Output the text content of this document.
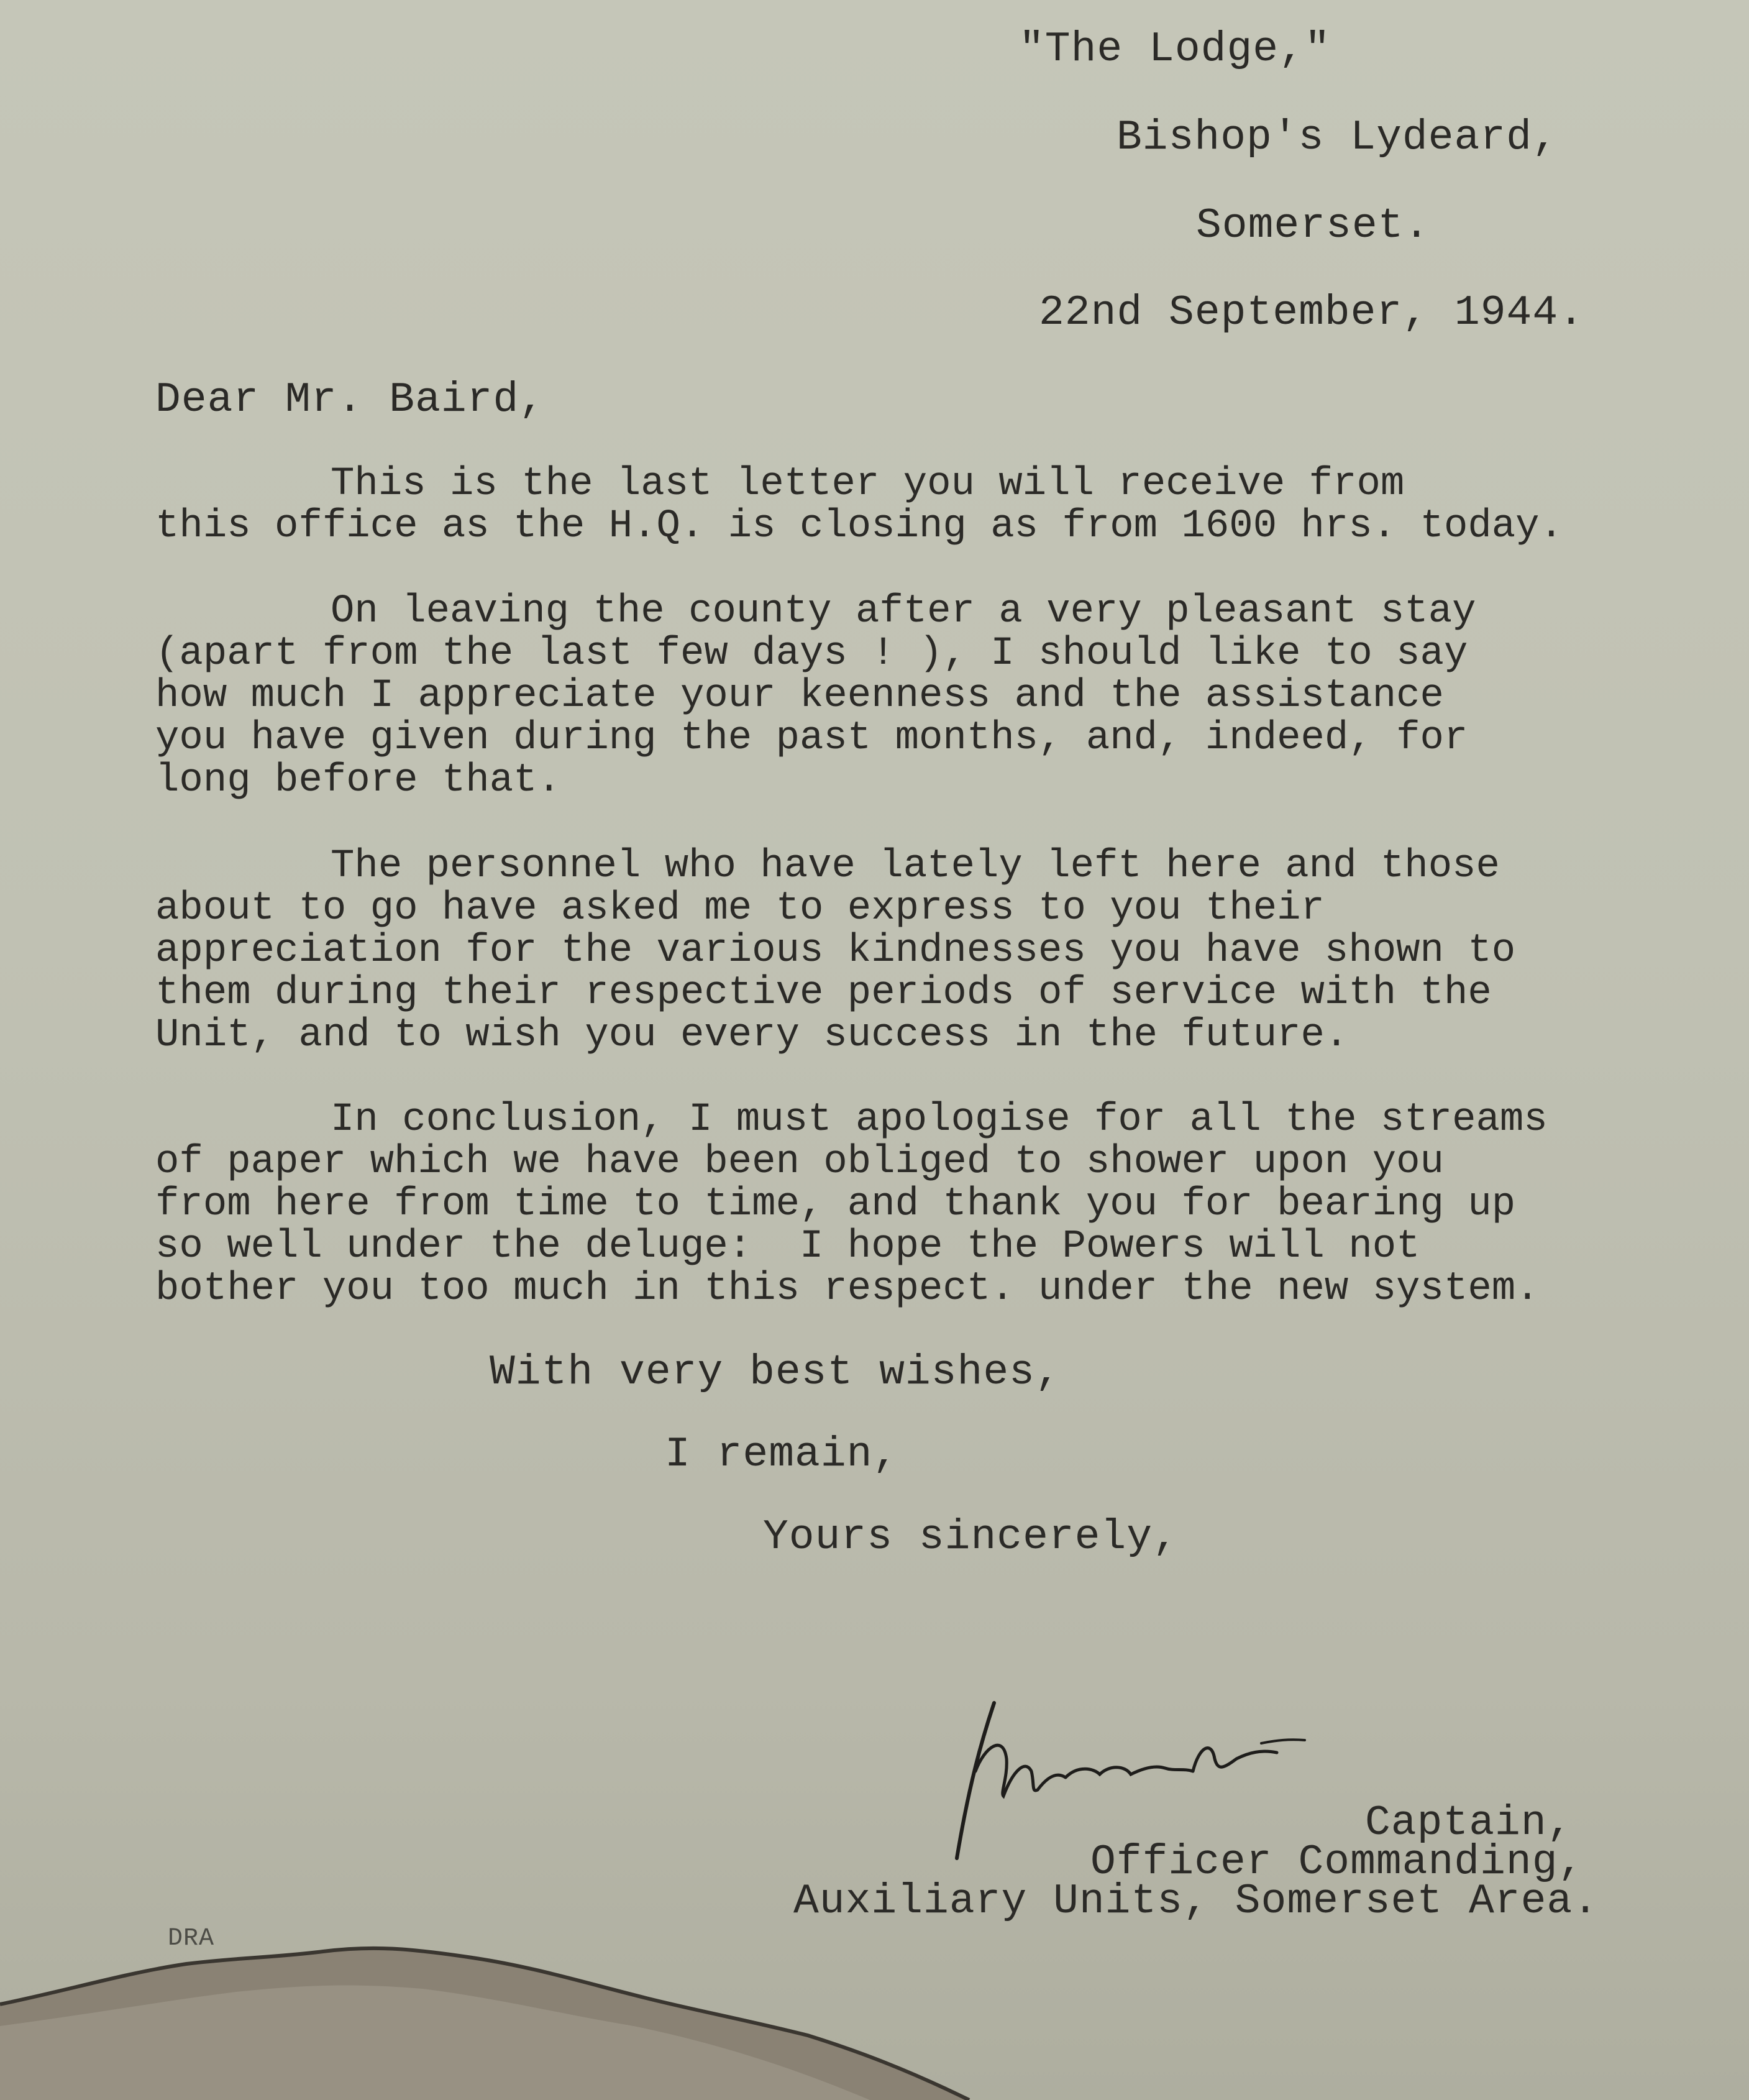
"The Lodge,"
Bishop's Lydeard,
Somerset.
22nd September, 1944.
Dear Mr. Baird,
This is the last letter you will receive from
this office as the H.Q. is closing as from 1600 hrs. today.
On leaving the county after a very pleasant stay
(apart from the last few days ! ), I should like to say
how much I appreciate your keenness and the assistance
you have given during the past months, and, indeed, for
long before that.
The personnel who have lately left here and those
about to go have asked me to express to you their
appreciation for the various kindnesses you have shown to
them during their respective periods of service with the
Unit, and to wish you every success in the future.
In conclusion, I must apologise for all the streams
of paper which we have been obliged to shower upon you
from here from time to time, and thank you for bearing up
so well under the deluge:  I hope the Powers will not
bother you too much in this respect. under the new system.
With very best wishes,
I remain,
Yours sincerely,
Captain,
Officer Commanding,
Auxiliary Units, Somerset Area.
DRA
